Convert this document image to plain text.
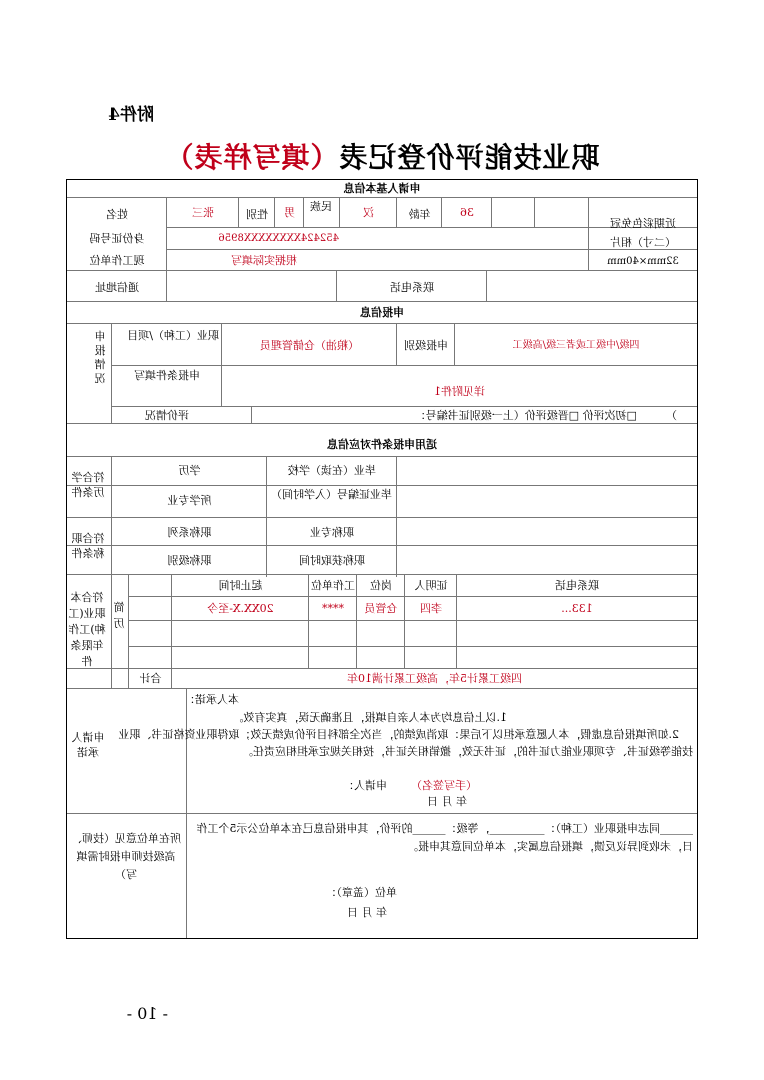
附件4
职业技能评价登记表（填写样表）
申请人基本信息
姓名	张三	性别	男	民族	汉	年龄	36
身份证号码	452424XXXXXXXX8956
现工作单位	根据实际填写
通信地址	联系电话
近期彩色免冠
（二寸）相片
32mm×40mm
申报信息
申报情况
职业（工种）/项目
（粮油）仓储管理员	申报级别	四级/中级工或者三级/高级工
申报条件填写
详见附件1
评价情况	□初次评价 □晋级评价（上一级别证书编号：	）
适用申报条件对应信息
符合学历条件
学历	毕业（在读）学校
所学专业	毕业证编号（入学时间）
符合职称条件
职称系列	职称专业
职称级别	职称获取时间
符合本职业(工种)工作年限条件
简历
起止时间	工作单位	岗位	证明人	联系电话
20XX.X-至今	****	仓管员	李四	133...
合计	四级工累计5年，高级工累计满10年
申请人承诺
本人承诺：
1.以上信息均为本人亲自填报，且准确无误，真实有效。
2.如所填报信息虚假，本人愿意承担以下后果：取消成绩的，当次全部科目评价成绩无效；取得职业资格证书、职业技能等级证书、专项职业能力证书的，证书无效，撤销相关证书，按相关规定承担相应责任。
申请人： （手写签名）
年 月 日
所在单位意见（技师、高级技师申报时需填写）
______同志申报职业（工种）：__________，等级：______的评价，其申报信息已在本单位公示5个工作日，未收到异议反馈，填报信息属实，本单位同意其申报。
单位（盖章）：
年 月 日
- 10 -
